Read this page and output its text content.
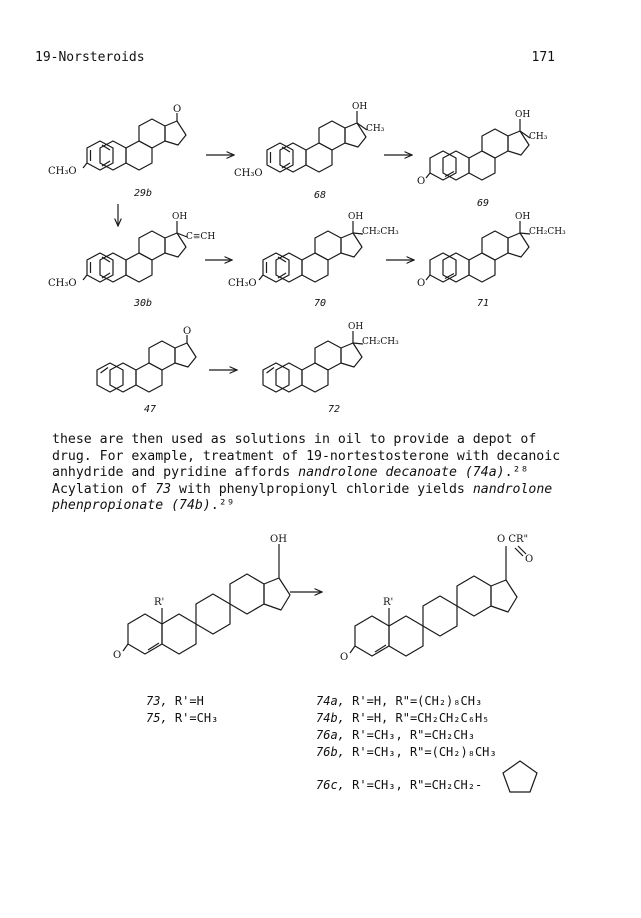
19-Norsteroids	171
O
CH₃O
29b
OH
CH₃
CH₃O
68
OH
CH₃
O
69
OH
C≡CH
CH₃O
30b
OH
CH₂CH₃
CH₃O
70
OH
CH₂CH₃
O
71
O
47
OH
CH₂CH₃
72
these are then used as solutions in oil to provide a depot of
drug. For example, treatment of 19-nortestosterone with decanoic
anhydride and pyridine affords nandrolone decanoate (74a).²⁸
Acylation of 73 with phenylpropionyl chloride yields nandrolone
phenpropionate (74b).²⁹
OH
R'
O
O CR"
O
R'
O
73, R'=H
75, R'=CH₃
74a, R'=H, R"=(CH₂)₈CH₃
74b, R'=H, R"=CH₂CH₂C₆H₅
76a, R'=CH₃, R"=CH₂CH₃
76b, R'=CH₃, R"=(CH₂)₈CH₃
76c, R'=CH₃, R"=CH₂CH₂-
